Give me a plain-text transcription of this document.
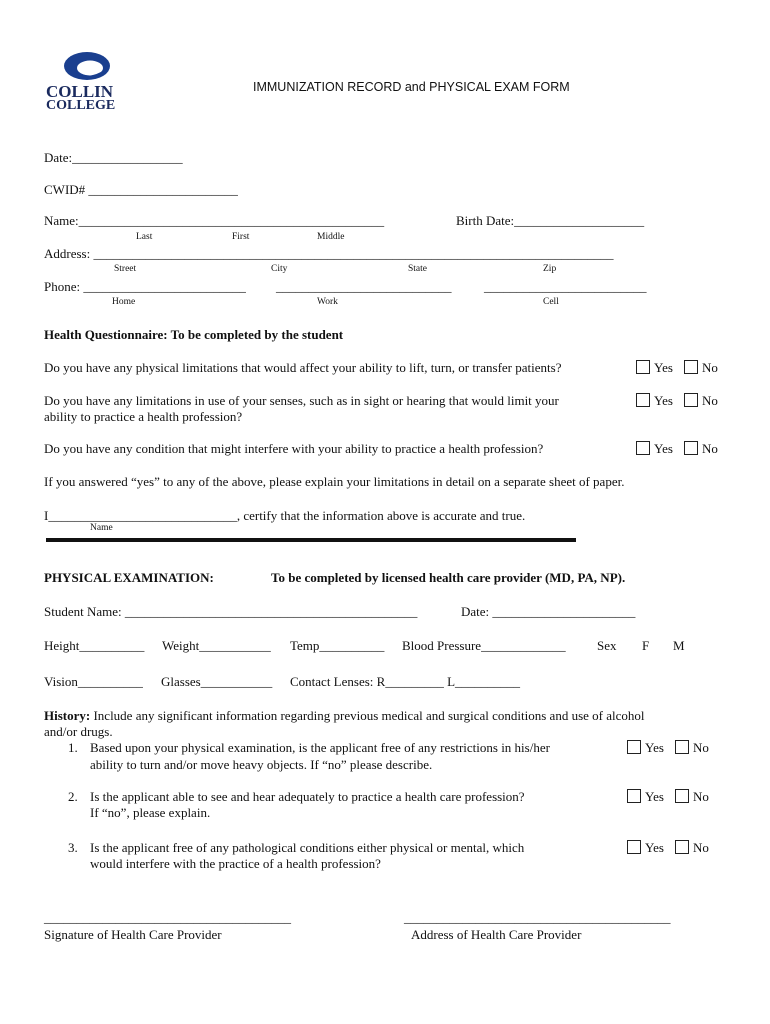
COLLIN
COLLEGE
IMMUNIZATION RECORD and PHYSICAL EXAM FORM
Date:_________________
CWID# _______________________
Name:_______________________________________________	Birth Date:____________________
Last	First	Middle
Address: ________________________________________________________________________________
Street	City	State	Zip
Phone: _________________________ ___________________________	_________________________
Home	Work	Cell
Health Questionnaire: To be completed by the student
Do you have any physical limitations that would affect your ability to lift, turn, or transfer patients?	Yes	No
Do you have any limitations in use of your senses, such as in sight or hearing that would limit your
ability to practice a health profession?
Yes	No
Do you have any condition that might interfere with your ability to practice a health profession?	Yes	No
If you answered “yes” to any of the above, please explain your limitations in detail on a separate sheet of paper.
I_____________________________, certify that the information above is accurate and true.
Name
PHYSICAL EXAMINATION:	To be completed by licensed health care provider (MD, PA, NP).
Student Name: _____________________________________________	Date: ______________________
Height__________ Weight___________ Temp__________ Blood Pressure_____________ Sex F M
Vision__________ Glasses___________ Contact Lenses: R_________ L__________
History: Include any significant information regarding previous medical and surgical conditions and use of alcohol
and/or drugs.
1. Based upon your physical examination, is the applicant free of any restrictions in his/her
ability to turn and/or move heavy objects. If “no” please describe.
Yes	No
2. Is the applicant able to see and hear adequately to practice a health care profession?
If “no”, please explain.
Yes	No
3. Is the applicant free of any pathological conditions either physical or mental, which
would interfere with the practice of a health profession?
Yes	No
______________________________________
Signature of Health Care Provider
_________________________________________
Address of Health Care Provider
